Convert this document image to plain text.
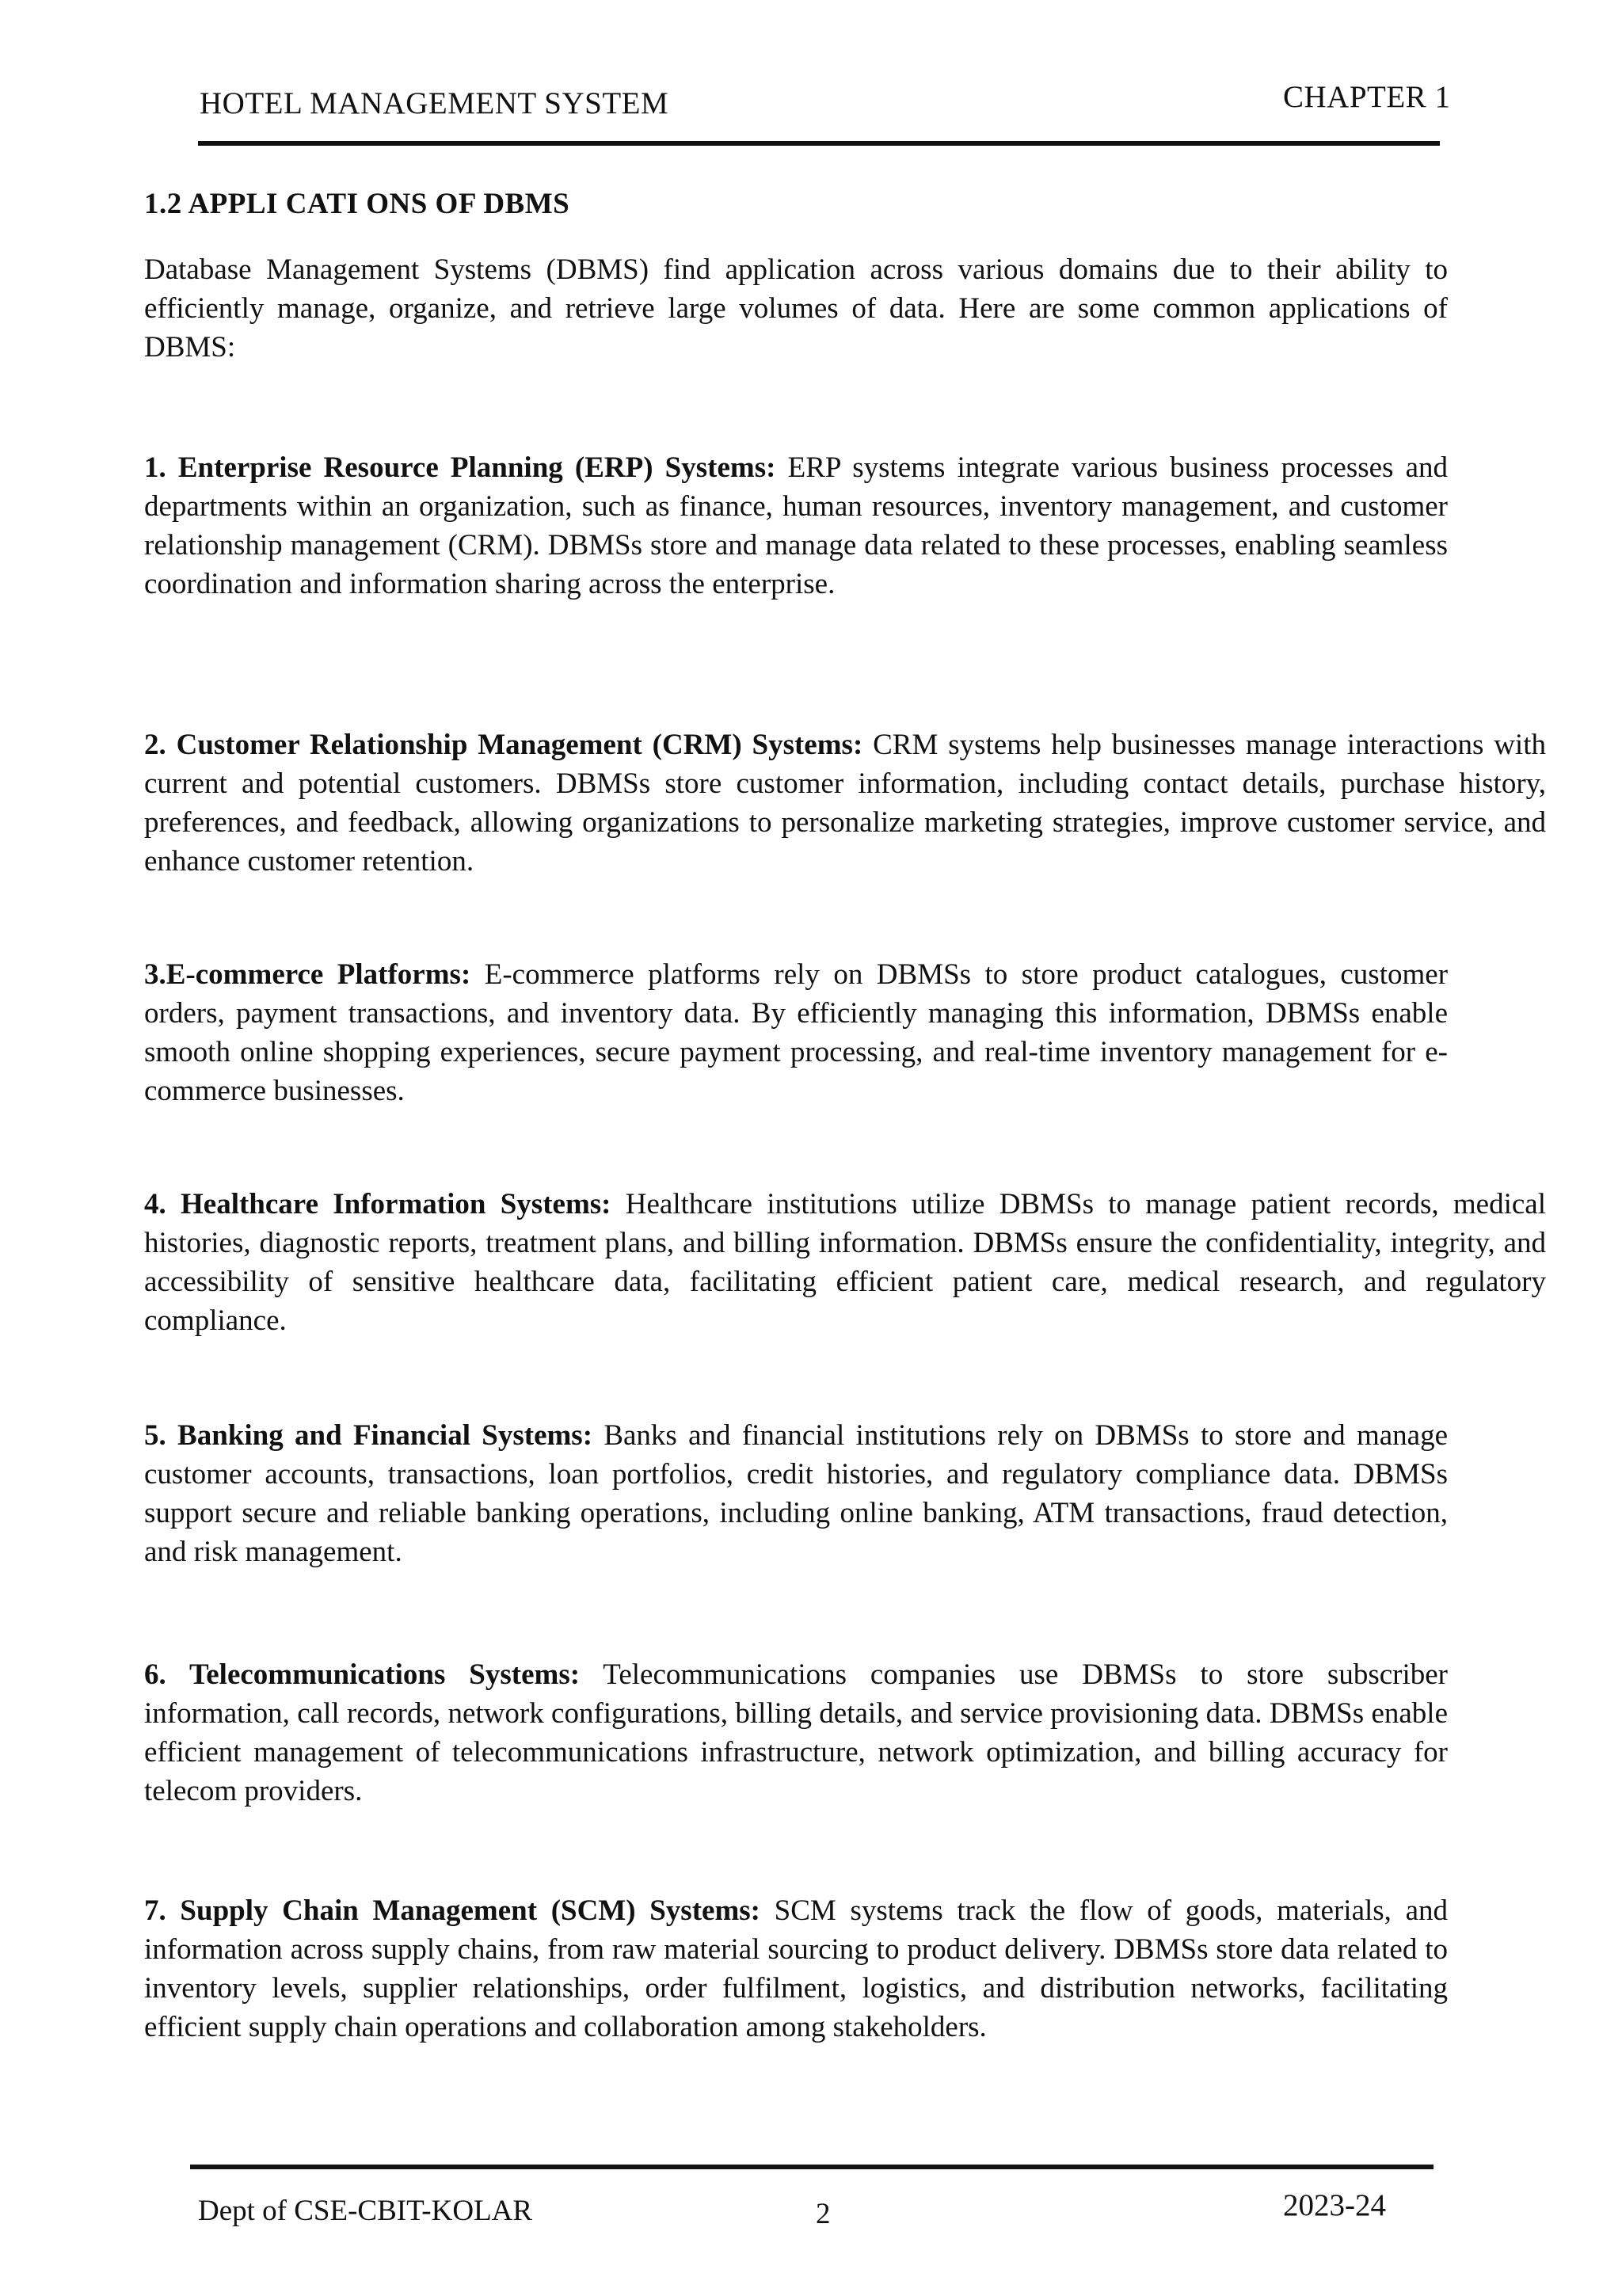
HOTEL MANAGEMENT SYSTEM	CHAPTER 1
1.2 APPLI CATI ONS OF DBMS
Database Management Systems (DBMS) find application across various domains due to their ability to efficiently manage, organize, and retrieve large volumes of data. Here are some common applications of DBMS:
1. Enterprise Resource Planning (ERP) Systems: ERP systems integrate various business processes and departments within an organization, such as finance, human resources, inventory management, and customer relationship management (CRM). DBMSs store and manage data related to these processes, enabling seamless coordination and information sharing across the enterprise.
2. Customer Relationship Management (CRM) Systems: CRM systems help businesses manage interactions with current and potential customers. DBMSs store customer information, including contact details, purchase history, preferences, and feedback, allowing organizations to personalize marketing strategies, improve customer service, and enhance customer retention.
3.E-commerce Platforms: E-commerce platforms rely on DBMSs to store product catalogues, customer orders, payment transactions, and inventory data. By efficiently managing this information, DBMSs enable smooth online shopping experiences, secure payment processing, and real-time inventory management for e-commerce businesses.
4. Healthcare Information Systems: Healthcare institutions utilize DBMSs to manage patient records, medical histories, diagnostic reports, treatment plans, and billing information. DBMSs ensure the confidentiality, integrity, and accessibility of sensitive healthcare data, facilitating efficient patient care, medical research, and regulatory compliance.
5. Banking and Financial Systems: Banks and financial institutions rely on DBMSs to store and manage customer accounts, transactions, loan portfolios, credit histories, and regulatory compliance data. DBMSs support secure and reliable banking operations, including online banking, ATM transactions, fraud detection, and risk management.
6. Telecommunications Systems: Telecommunications companies use DBMSs to store subscriber information, call records, network configurations, billing details, and service provisioning data. DBMSs enable efficient management of telecommunications infrastructure, network optimization, and billing accuracy for telecom providers.
7. Supply Chain Management (SCM) Systems: SCM systems track the flow of goods, materials, and information across supply chains, from raw material sourcing to product delivery. DBMSs store data related to inventory levels, supplier relationships, order fulfilment, logistics, and distribution networks, facilitating efficient supply chain operations and collaboration among stakeholders.
Dept of CSE-CBIT-KOLAR	2	2023-24
